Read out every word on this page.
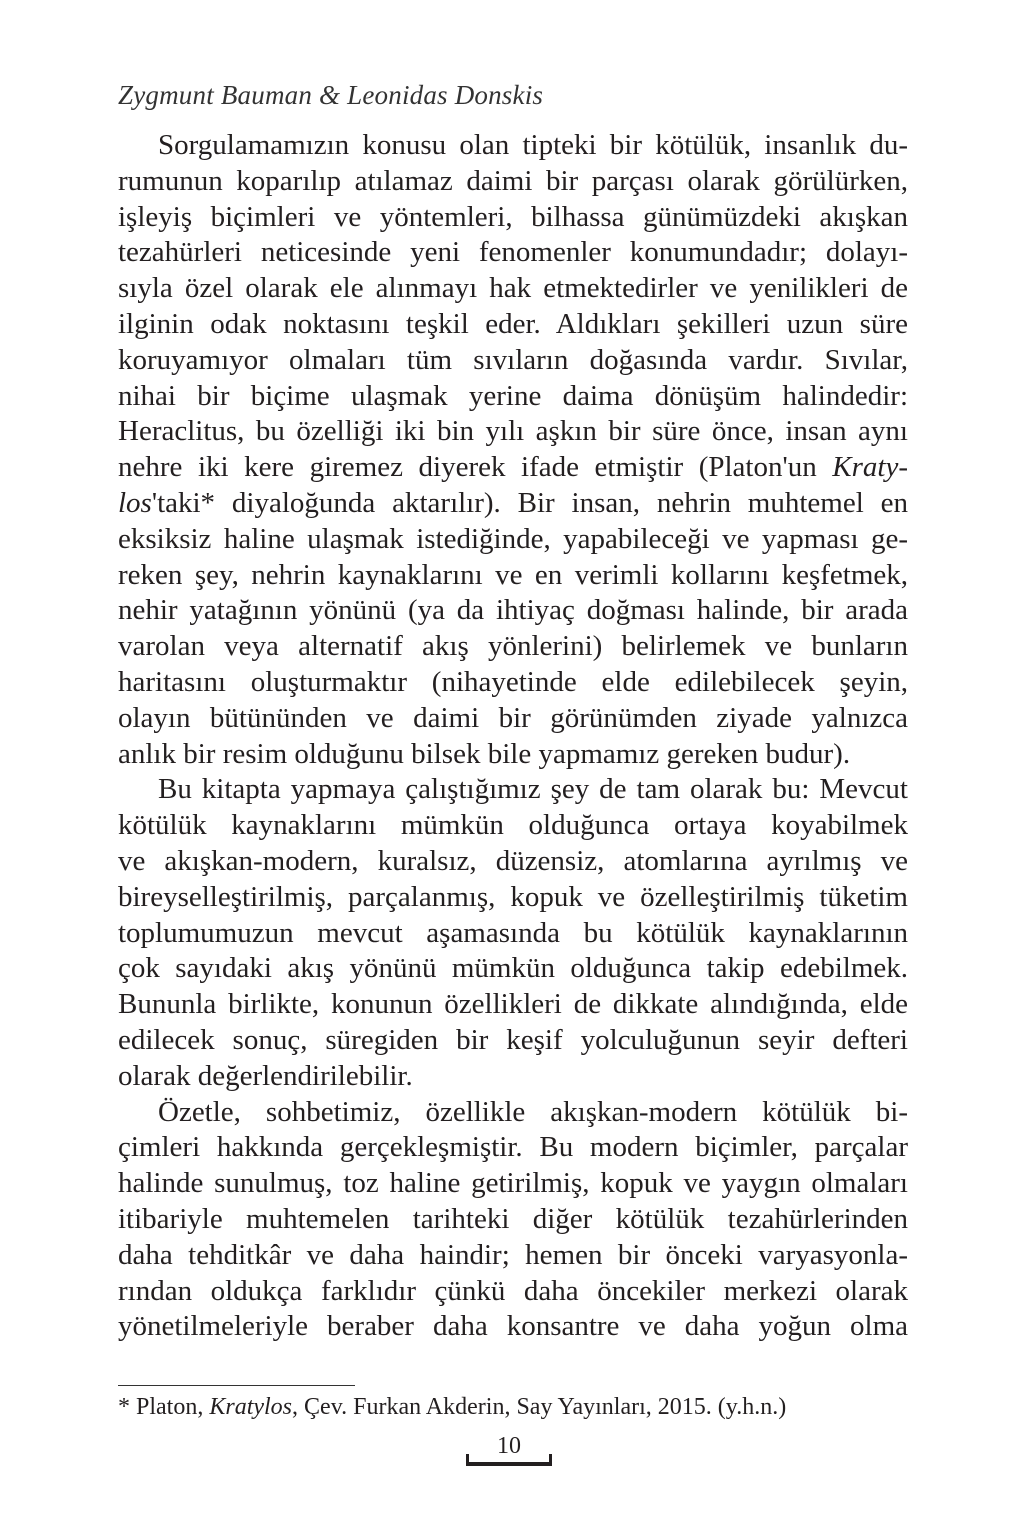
Zygmunt Bauman & Leonidas Donskis
Sorgulamamızın konusu olan tipteki bir kötülük, insanlık du-
rumunun koparılıp atılamaz daimi bir parçası olarak görülürken,
işleyiş biçimleri ve yöntemleri, bilhassa günümüzdeki akışkan
tezahürleri neticesinde yeni fenomenler konumundadır; dolayı-
sıyla özel olarak ele alınmayı hak etmektedirler ve yenilikleri de
ilginin odak noktasını teşkil eder. Aldıkları şekilleri uzun süre
koruyamıyor olmaları tüm sıvıların doğasında vardır. Sıvılar,
nihai bir biçime ulaşmak yerine daima dönüşüm halindedir:
Heraclitus, bu özelliği iki bin yılı aşkın bir süre önce, insan aynı
nehre iki kere giremez diyerek ifade etmiştir (Platon'un Kraty-
los'taki* diyaloğunda aktarılır). Bir insan, nehrin muhtemel en
eksiksiz haline ulaşmak istediğinde, yapabileceği ve yapması ge-
reken şey, nehrin kaynaklarını ve en verimli kollarını keşfetmek,
nehir yatağının yönünü (ya da ihtiyaç doğması halinde, bir arada
varolan veya alternatif akış yönlerini) belirlemek ve bunların
haritasını oluşturmaktır (nihayetinde elde edilebilecek şeyin,
olayın bütününden ve daimi bir görünümden ziyade yalnızca
anlık bir resim olduğunu bilsek bile yapmamız gereken budur).
Bu kitapta yapmaya çalıştığımız şey de tam olarak bu: Mevcut
kötülük kaynaklarını mümkün olduğunca ortaya koyabilmek
ve akışkan-modern, kuralsız, düzensiz, atomlarına ayrılmış ve
bireyselleştirilmiş, parçalanmış, kopuk ve özelleştirilmiş tüketim
toplumumuzun mevcut aşamasında bu kötülük kaynaklarının
çok sayıdaki akış yönünü mümkün olduğunca takip edebilmek.
Bununla birlikte, konunun özellikleri de dikkate alındığında, elde
edilecek sonuç, süregiden bir keşif yolculuğunun seyir defteri
olarak değerlendirilebilir.
Özetle, sohbetimiz, özellikle akışkan-modern kötülük bi-
çimleri hakkında gerçekleşmiştir. Bu modern biçimler, parçalar
halinde sunulmuş, toz haline getirilmiş, kopuk ve yaygın olmaları
itibariyle muhtemelen tarihteki diğer kötülük tezahürlerinden
daha tehditkâr ve daha haindir; hemen bir önceki varyasyonla-
rından oldukça farklıdır çünkü daha öncekiler merkezi olarak
yönetilmeleriyle beraber daha konsantre ve daha yoğun olma
* Platon, Kratylos, Çev. Furkan Akderin, Say Yayınları, 2015. (y.h.n.)
10
